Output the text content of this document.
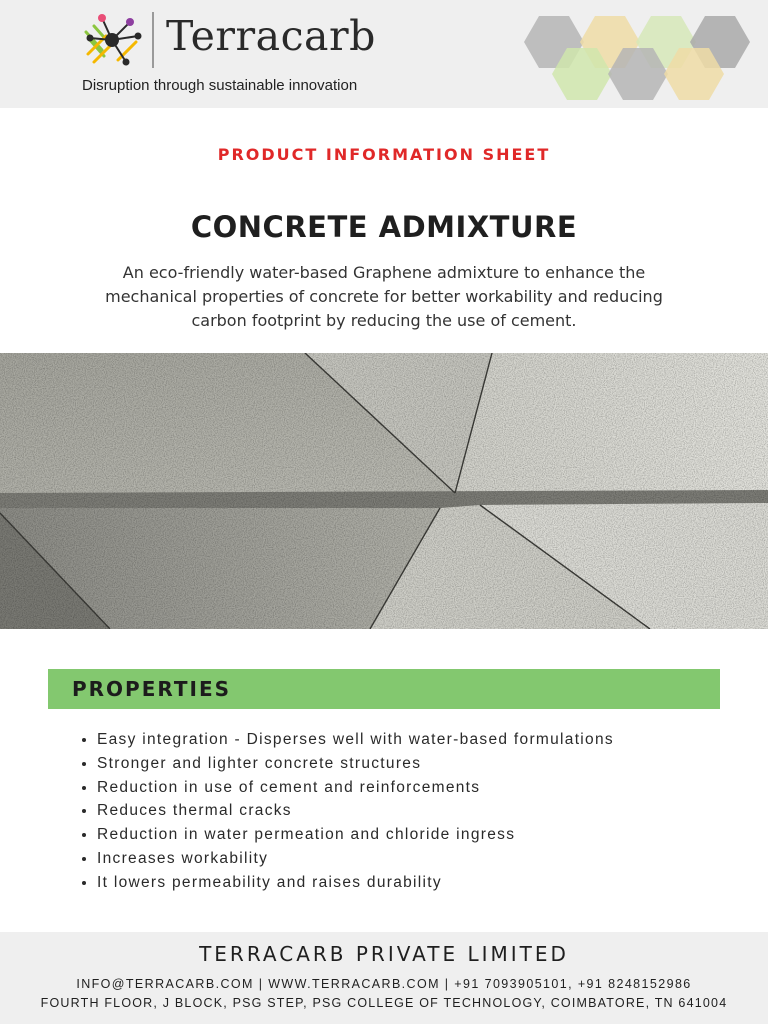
Terracarb
Disruption through sustainable innovation
PRODUCT INFORMATION SHEET
CONCRETE ADMIXTURE
An eco-friendly water-based Graphene admixture to enhance the mechanical properties of concrete for better workability and reducing carbon footprint by reducing the use of cement.
PROPERTIES
• Easy integration - Disperses well with water-based formulations
• Stronger and lighter concrete structures
• Reduction in use of cement and reinforcements
• Reduces thermal cracks
• Reduction in water permeation and chloride ingress
• Increases workability
• It lowers permeability and raises durability
TERRACARB PRIVATE LIMITED
INFO@TERRACARB.COM | WWW.TERRACARB.COM | +91 7093905101, +91 8248152986
FOURTH FLOOR, J BLOCK, PSG STEP, PSG COLLEGE OF TECHNOLOGY, COIMBATORE, TN 641004
